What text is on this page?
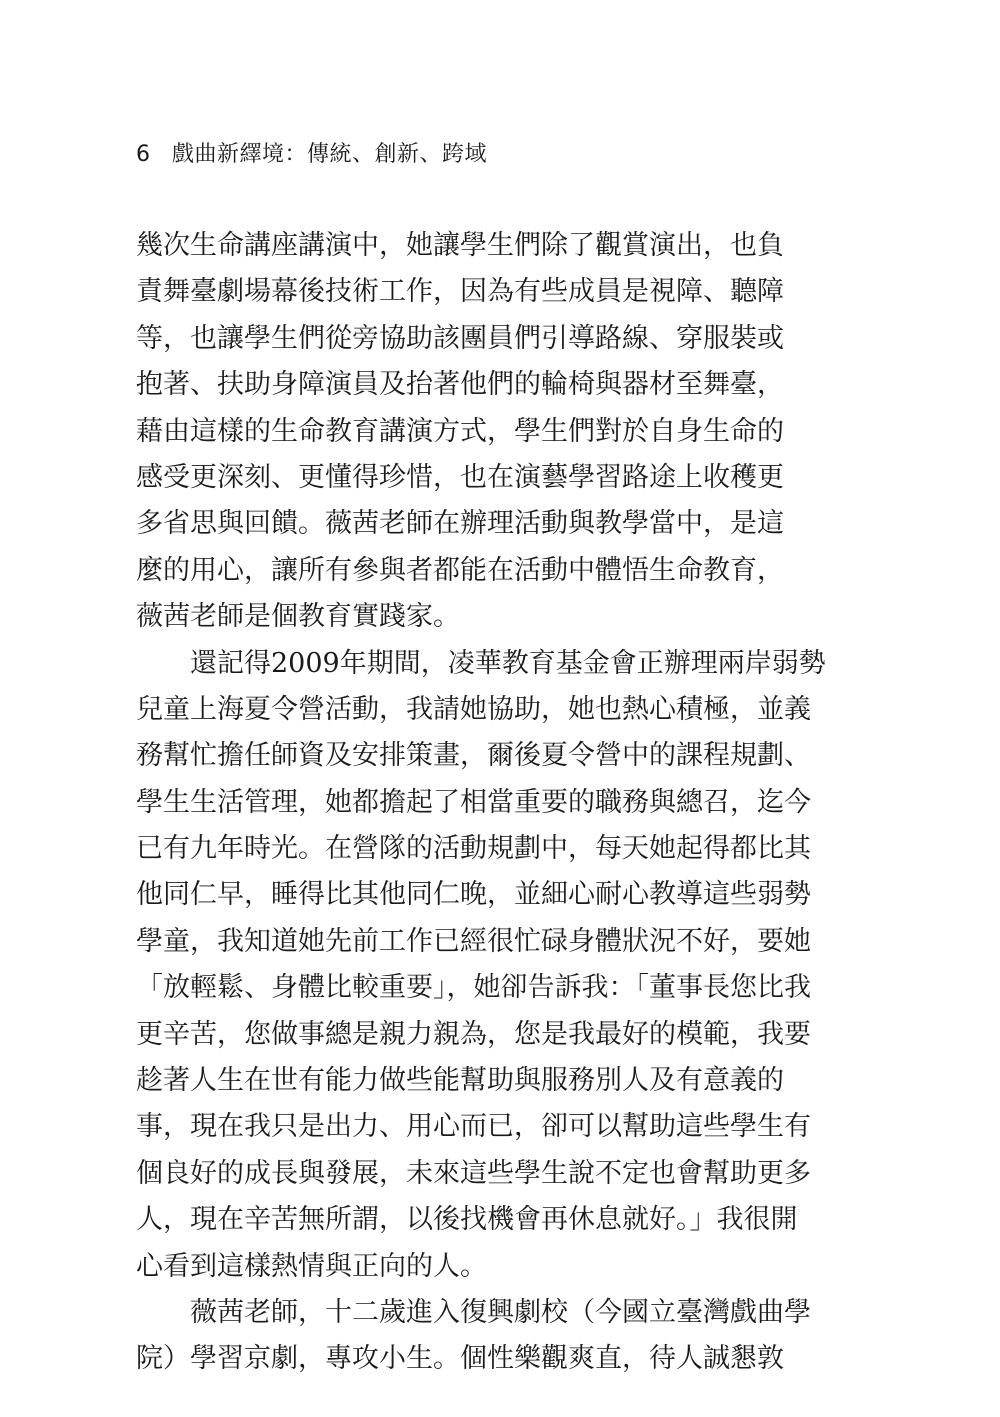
6 戲曲新繹境：傳統、創新、跨域
幾次生命講座講演中，她讓學生們除了觀賞演出，也負
責舞臺劇場幕後技術工作，因為有些成員是視障、聽障
等，也讓學生們從旁協助該團員們引導路線、穿服裝或
抱著、扶助身障演員及抬著他們的輪椅與器材至舞臺，
藉由這樣的生命教育講演方式，學生們對於自身生命的
感受更深刻、更懂得珍惜，也在演藝學習路途上收穫更
多省思與回饋。薇茜老師在辦理活動與教學當中，是這
麼的用心，讓所有參與者都能在活動中體悟生命教育，
薇茜老師是個教育實踐家。
還記得2009年期間，凌華教育基金會正辦理兩岸弱勢
兒童上海夏令營活動，我請她協助，她也熱心積極，並義
務幫忙擔任師資及安排策畫，爾後夏令營中的課程規劃、
學生生活管理，她都擔起了相當重要的職務與總召，迄今
已有九年時光。在營隊的活動規劃中，每天她起得都比其
他同仁早，睡得比其他同仁晚，並細心耐心教導這些弱勢
學童，我知道她先前工作已經很忙碌身體狀況不好，要她
「放輕鬆、身體比較重要」，她卻告訴我：「董事長您比我
更辛苦，您做事總是親力親為，您是我最好的模範，我要
趁著人生在世有能力做些能幫助與服務別人及有意義的
事，現在我只是出力、用心而已，卻可以幫助這些學生有
個良好的成長與發展，未來這些學生說不定也會幫助更多
人，現在辛苦無所謂，以後找機會再休息就好。」我很開
心看到這樣熱情與正向的人。
薇茜老師，十二歲進入復興劇校（今國立臺灣戲曲學
院）學習京劇，專攻小生。個性樂觀爽直，待人誠懇敦
